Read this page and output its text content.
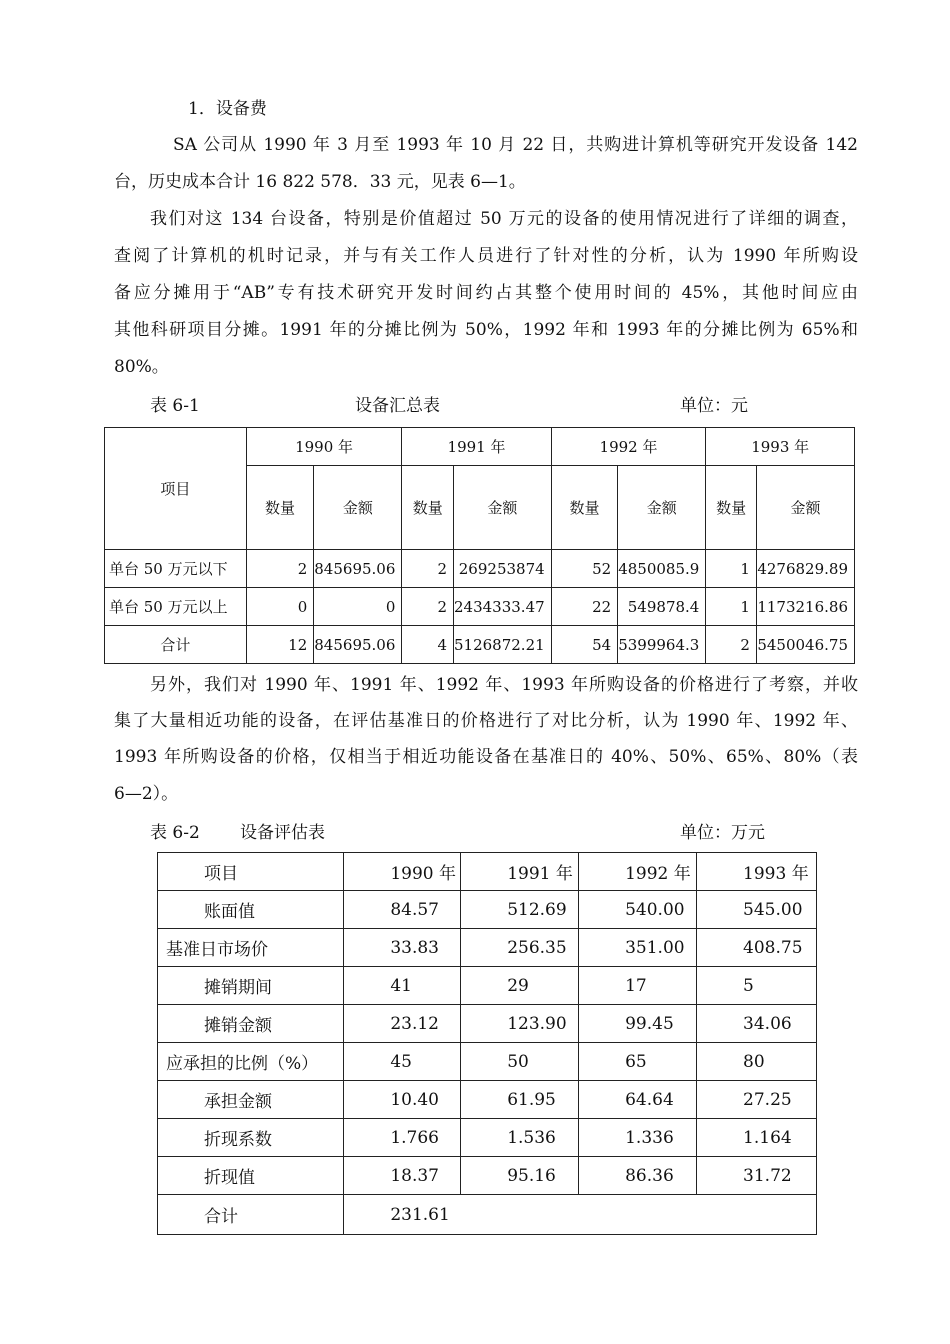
1．设备费
SA 公司从 1990 年 3 月至 1993 年 10 月 22 日，共购进计算机等研究开发设备 142
台，历史成本合计 16 822 578．33 元，见表 6—1。
我们对这 134 台设备，特别是价值超过 50 万元的设备的使用情况进行了详细的调查，
查阅了计算机的机时记录，并与有关工作人员进行了针对性的分析，认为 1990 年所购设
备应分摊用于“AB”专有技术研究开发时间约占其整个使用时间的 45%，其他时间应由
其他科研项目分摊。1991 年的分摊比例为 50%，1992 年和 1993 年的分摊比例为 65%和
80%。
表 6-1	设备汇总表	单位：元
项目	1990 年		1991 年		1992 年		1993 年	
	数量	金额	数量	金额	数量	金额	数量	金额
单台 50 万元以下	2	845695.06	2	269253874	52	4850085.9	1	4276829.89
单台 50 万元以上	0	0	2	2434333.47	22	549878.4	1	1173216.86
合计	12	845695.06	4	5126872.21	54	5399964.3	2	5450046.75
另外，我们对 1990 年、1991 年、1992 年、1993 年所购设备的价格进行了考察，并收
集了大量相近功能的设备，在评估基准日的价格进行了对比分析，认为 1990 年、1992 年、
1993 年所购设备的价格，仅相当于相近功能设备在基准日的 40%、50%、65%、80%（表
6—2）。
表 6-2 设备评估表	单位：万元
项目	1990 年	1991 年	1992 年	1993 年
账面值	84.57	512.69	540.00	545.00
基准日市场价	33.83	256.35	351.00	408.75
摊销期间	41	29	17	5
摊销金额	23.12	123.90	99.45	34.06
应承担的比例（%）	45	50	65	80
承担金额	10.40	61.95	64.64	27.25
折现系数	1.766	1.536	1.336	1.164
折现值	18.37	95.16	86.36	31.72
合计	231.61			
